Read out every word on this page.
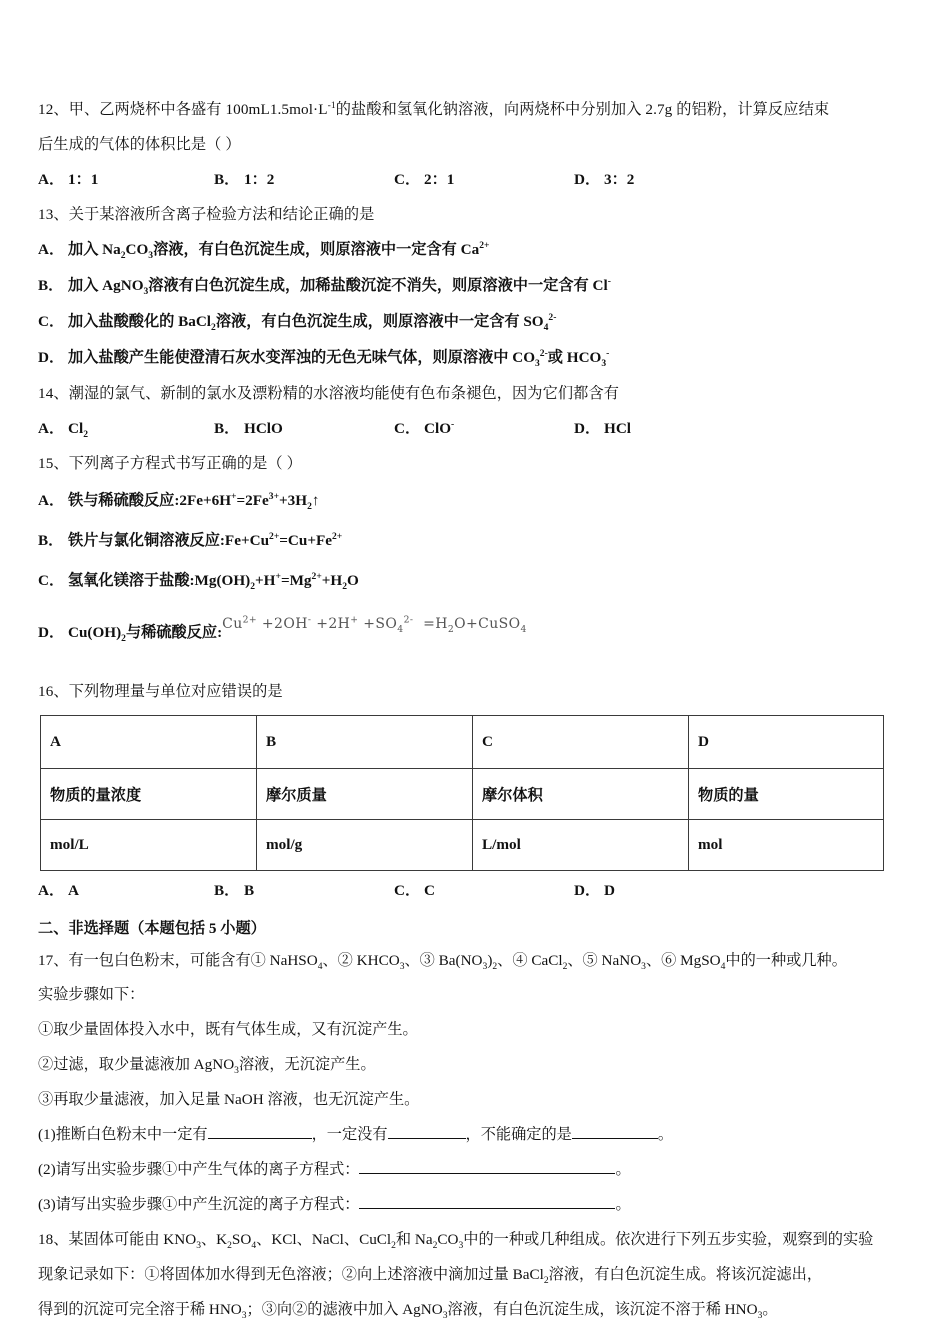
12、甲、乙两烧杯中各盛有 $100mL1.5mol\cdot L^{-1}$的盐酸和氢氧化钠溶液，向两烧杯中分别加入 2.7g 的铝粉，计算反应结束
后生成的气体的体积比是（ ）
A． 1：1	B． 1：2	C． 2：1	D． 3：2
13、关于某溶液所含离子检验方法和结论正确的是
A． 加入 $Na_2CO_3$溶液，有白色沉淀生成，则原溶液中一定含有 $Ca^{2+}$
B． 加入 AgNO$_3$溶液有白色沉淀生成，加稀盐酸沉淀不消失，则原溶液中一定含有 Cl-
C． 加入盐酸酸化的 BaCl$_2$溶液，有白色沉淀生成，则原溶液中一定含有 $SO_4^{2-}$
D． 加入盐酸产生能使澄清石灰水变浑浊的无色无味气体，则原溶液中 $CO_3^{2-}$或 $HCO_3^-$
14、潮湿的氯气、新制的氯水及漂粉精的水溶液均能使有色布条褪色，因为它们都含有
A． $Cl_2$	B． HClO	C． ClO-	D． HCl
15、下列离子方程式书写正确的是（ ）
A． 铁与稀硫酸反应$:2Fe+6H^+=2Fe^{3+}+3H_2↑$
B． 铁片与氯化铜溶液反应$:Fe+Cu^{2+}=Cu+Fe^{2+}$
C． 氢氧化镁溶于盐酸$:Mg(OH)_2+H^+=Mg^{2+}+H_2O$
D． $Cu(OH)_2$与稀硫酸反应$:Cu^{2+} +2OH^- +2H^+ +SO_4^{2-}$  $=H_2O+CuSO_4$
16、下列物理量与单位对应错误的是
A	B	C	D
物质的量浓度	摩尔质量	摩尔体积	物质的量
mol/L	mol/g	L/mol	mol
A． A	B． B	C． C	D． D
二、非选择题（本题包括 5 小题）
17、有一包白色粉末，可能含有① NaHSO$_4$、② $KHCO_3$、③ $Ba(NO_3)_2$、④ CaCl$_2$、⑤ NaNO$_3$、⑥ MgSO$_4$中的一种或几种。
实验步骤如下：
①取少量固体投入水中，既有气体生成，又有沉淀产生。
②过滤，取少量滤液加 AgNO$_3$溶液，无沉淀产生。
③再取少量滤液，加入足量 NaOH 溶液，也无沉淀产生。
(1)推断白色粉末中一定有	，一定没有	，不能确定的是	。
(2)请写出实验步骤①中产生气体的离子方程式：	。
(3)请写出实验步骤①中产生沉淀的离子方程式：	。
18、某固体可能由 $KNO_3$、$K_2SO_4$、KCl、NaCl、CuCl$_2$和 $Na_2CO_3$中的一种或几种组成。依次进行下列五步实验，观察到的实验
现象记录如下：①将固体加水得到无色溶液；②向上述溶液中滴加过量 BaCl$_2$溶液，有白色沉淀生成。将该沉淀滤出，
得到的沉淀可完全溶于稀 $HNO_3$；③向②的滤液中加入 AgNO$_3$溶液，有白色沉淀生成，该沉淀不溶于稀 $HNO_3$。
